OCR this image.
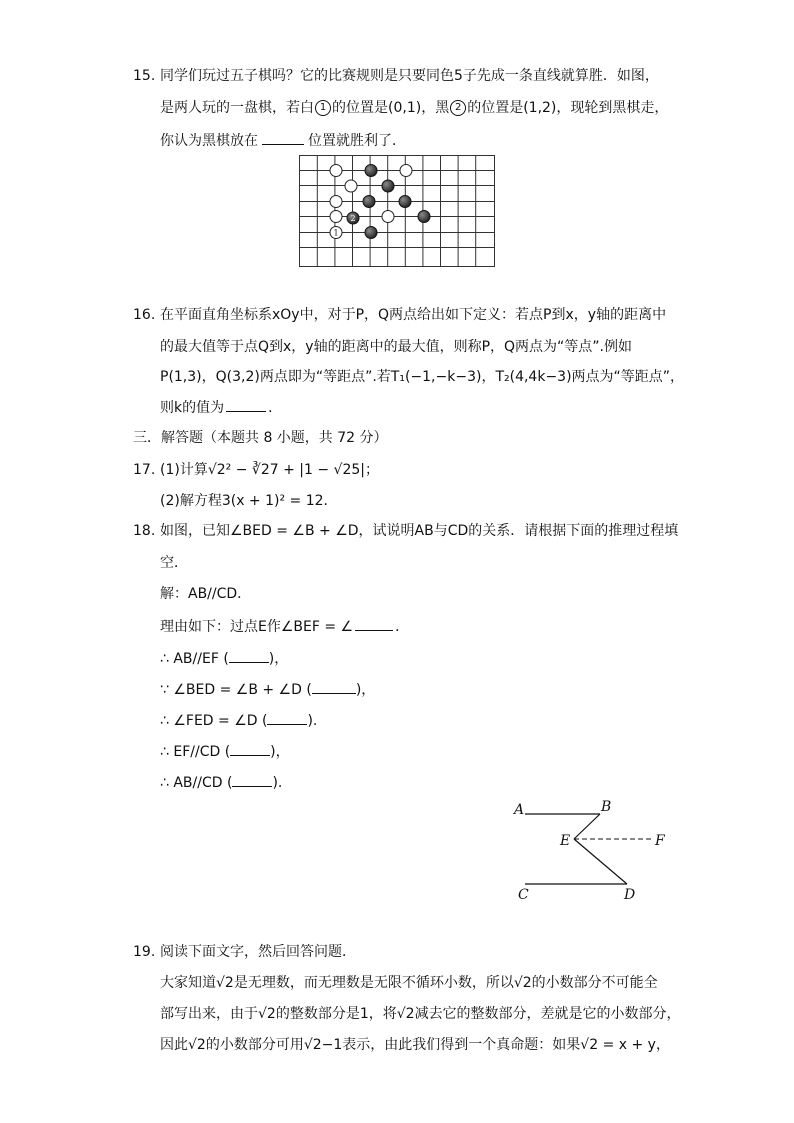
15. 同学们玩过五子棋吗？它的比赛规则是只要同色5子先成一条直线就算胜．如图，
是两人玩的一盘棋，若白 1 的位置是(0,1)，黑 2 的位置是(1,2)，现轮到黑棋走，
你认为黑棋放在	位置就胜利了．
1
2
16. 在平面直角坐标系xOy中，对于P，Q两点给出如下定义：若点P到x，y轴的距离中
的最大值等于点Q到x，y轴的距离中的最大值，则称P，Q两点为“等点”.例如
P(1,3)，Q(3,2)两点即为“等距点”.若T₁(−1,−k−3)，T₂(4,4k−3)两点为“等距点”，
则k的值为	．
三．解答题（本题共 8 小题，共 72 分）
17. (1)计算√2² − ∛27 + |1 − √25|；
(2)解方程3(x + 1)² = 12．
18. 如图，已知∠BED = ∠B + ∠D，试说明AB与CD的关系．请根据下面的推理过程填
空．
解：AB//CD．
理由如下：过点E作∠BEF = ∠	．
∴ AB//EF (	)，
∵ ∠BED = ∠B + ∠D (	)，
∴ ∠FED = ∠D (	).
∴ EF//CD (	)，
∴ AB//CD (	).
A	B
E	F
C	D
19. 阅读下面文字，然后回答问题．
大家知道√2是无理数，而无理数是无限不循环小数，所以√2的小数部分不可能全
部写出来，由于√2的整数部分是1，将√2减去它的整数部分，差就是它的小数部分，
因此√2的小数部分可用√2−1表示，由此我们得到一个真命题：如果√2 = x + y，
